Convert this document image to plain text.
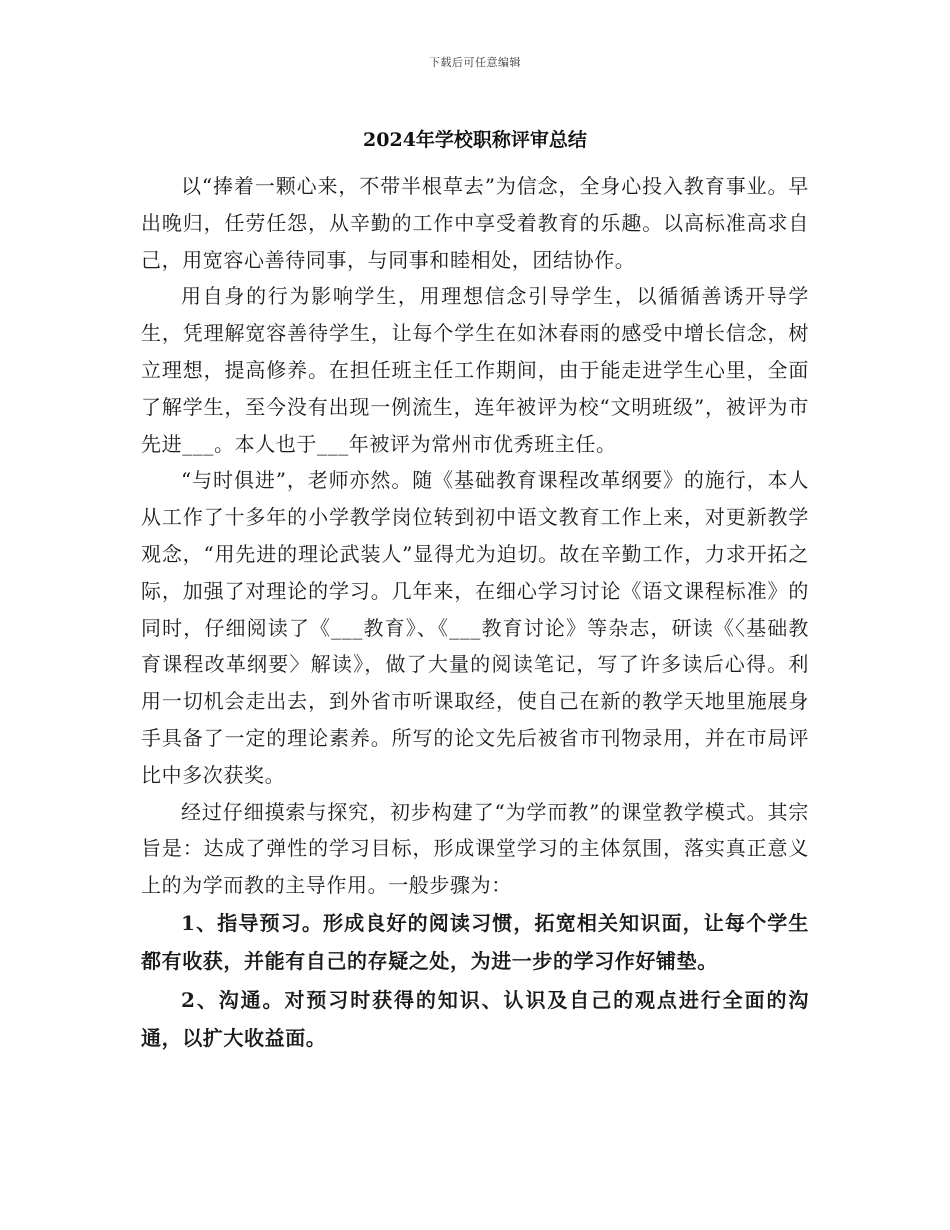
下载后可任意编辑
2024年学校职称评审总结

以“捧着一颗心来，不带半根草去”为信念，全身心投入教育事业。早出晚归，任劳任怨，从辛勤的工作中享受着教育的乐趣。以高标准高求自己，用宽容心善待同事，与同事和睦相处，团结协作。

用自身的行为影响学生，用理想信念引导学生，以循循善诱开导学生，凭理解宽容善待学生，让每个学生在如沐春雨的感受中增长信念，树立理想，提高修养。在担任班主任工作期间，由于能走进学生心里，全面了解学生，至今没有出现一例流生，连年被评为校“文明班级”，被评为市先进___。本人也于___年被评为常州市优秀班主任。

“与时俱进”，老师亦然。随《基础教育课程改革纲要》的施行，本人从工作了十多年的小学教学岗位转到初中语文教育工作上来，对更新教学观念，“用先进的理论武装人”显得尤为迫切。故在辛勤工作，力求开拓之际，加强了对理论的学习。几年来，在细心学习讨论《语文课程标准》的同时，仔细阅读了《___教育》、《___教育讨论》等杂志，研读《〈基础教育课程改革纲要〉解读》，做了大量的阅读笔记，写了许多读后心得。利用一切机会走出去，到外省市听课取经，使自己在新的教学天地里施展身手具备了一定的理论素养。所写的论文先后被省市刊物录用，并在市局评比中多次获奖。

经过仔细摸索与探究，初步构建了“为学而教”的课堂教学模式。其宗旨是：达成了弹性的学习目标，形成课堂学习的主体氛围，落实真正意义上的为学而教的主导作用。一般步骤为：

1、指导预习。形成良好的阅读习惯，拓宽相关知识面，让每个学生都有收获，并能有自己的存疑之处，为进一步的学习作好铺垫。

2、沟通。对预习时获得的知识、认识及自己的观点进行全面的沟通，以扩大收益面。
